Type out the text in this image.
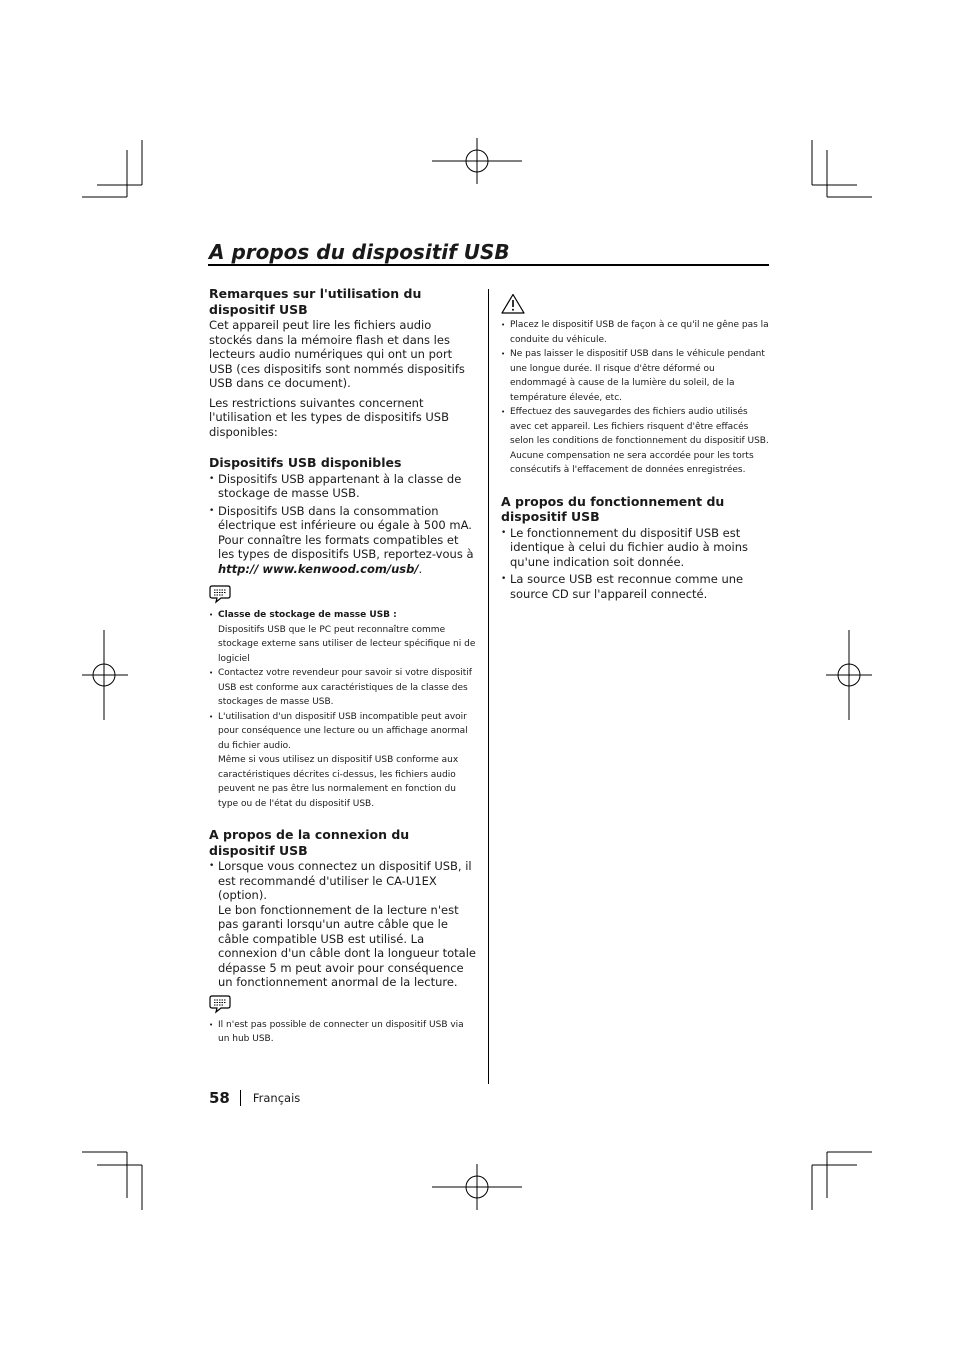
A propos du dispositif USB
Remarques sur l'utilisation du dispositif USB

Cet appareil peut lire les fichiers audio stockés dans la mémoire flash et dans les lecteurs audio numériques qui ont un port USB (ces dispositifs sont nommés dispositifs USB dans ce document).

Les restrictions suivantes concernent l'utilisation et les types de dispositifs USB disponibles:

Dispositifs USB disponibles
• Dispositifs USB appartenant à la classe de stockage de masse USB.
• Dispositifs USB dans la consommation électrique est inférieure ou égale à 500 mA.
Pour connaître les formats compatibles et les types de dispositifs USB, reportez-vous à http:// www.kenwood.com/usb/.
• Classe de stockage de masse USB :
Dispositifs USB que le PC peut reconnaître comme stockage externe sans utiliser de lecteur spécifique ni de logiciel
• Contactez votre revendeur pour savoir si votre dispositif USB est conforme aux caractéristiques de la classe des stockages de masse USB.
• L'utilisation d'un dispositif USB incompatible peut avoir pour conséquence une lecture ou un affichage anormal du fichier audio.
Même si vous utilisez un dispositif USB conforme aux caractéristiques décrites ci-dessus, les fichiers audio peuvent ne pas être lus normalement en fonction du type ou de l'état du dispositif USB.
A propos de la connexion du dispositif USB
• Lorsque vous connectez un dispositif USB, il est recommandé d'utiliser le CA-U1EX (option).
Le bon fonctionnement de la lecture n'est pas garanti lorsqu'un autre câble que le câble compatible USB est utilisé. La connexion d'un câble dont la longueur totale dépasse 5 m peut avoir pour conséquence un fonctionnement anormal de la lecture.
• Il n'est pas possible de connecter un dispositif USB via un hub USB.
• Placez le dispositif USB de façon à ce qu'il ne gêne pas la conduite du véhicule.
• Ne pas laisser le dispositif USB dans le véhicule pendant une longue durée. Il risque d'être déformé ou endommagé à cause de la lumière du soleil, de la température élevée, etc.
• Effectuez des sauvegardes des fichiers audio utilisés avec cet appareil. Les fichiers risquent d'être effacés selon les conditions de fonctionnement du dispositif USB.
Aucune compensation ne sera accordée pour les torts consécutifs à l'effacement de données enregistrées.
A propos du fonctionnement du dispositif USB
• Le fonctionnement du dispositif USB est identique à celui du fichier audio à moins qu'une indication soit donnée.
• La source USB est reconnue comme une source CD sur l'appareil connecté.
58 Français
